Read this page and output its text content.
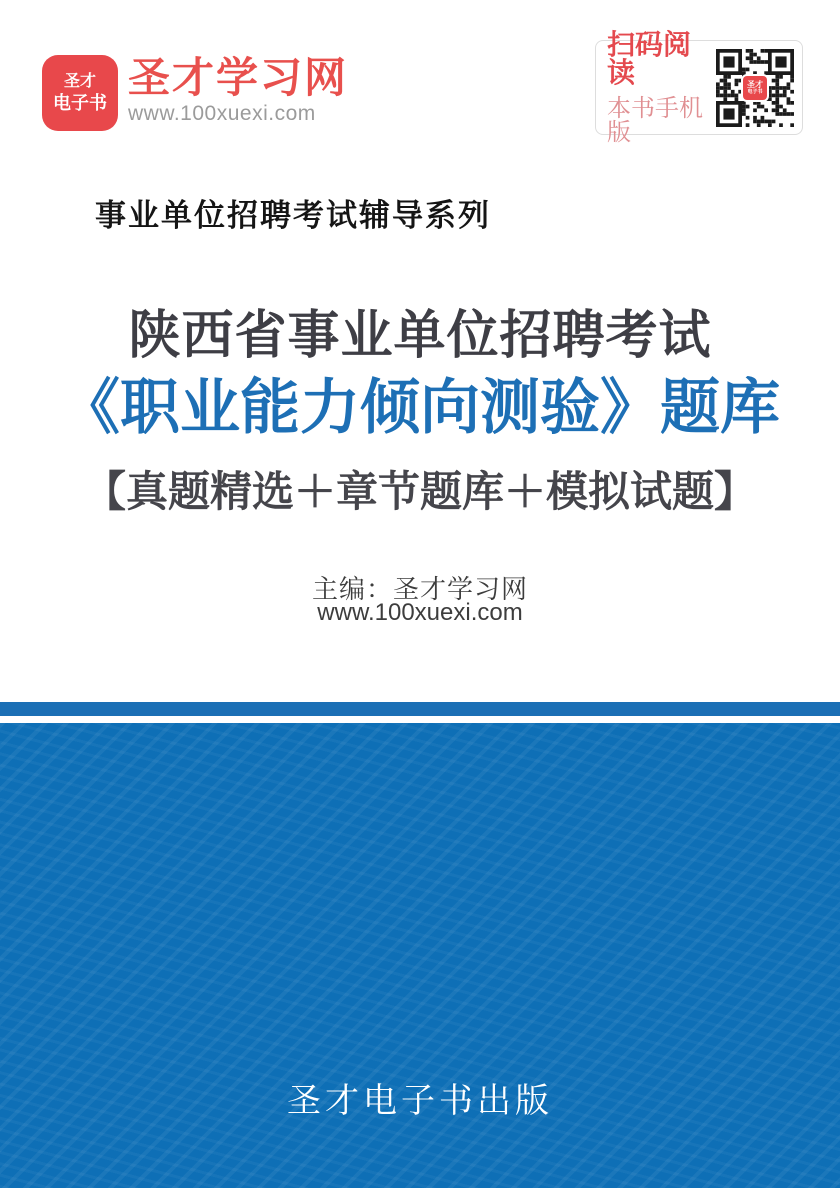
圣才
电子书
圣才学习网
www.100xuexi.com
扫码阅读
本书手机版
圣才
电子书
事业单位招聘考试辅导系列
陕西省事业单位招聘考试
《职业能力倾向测验》题库
【真题精选＋章节题库＋模拟试题】
主编：圣才学习网
www.100xuexi.com
圣才电子书出版
